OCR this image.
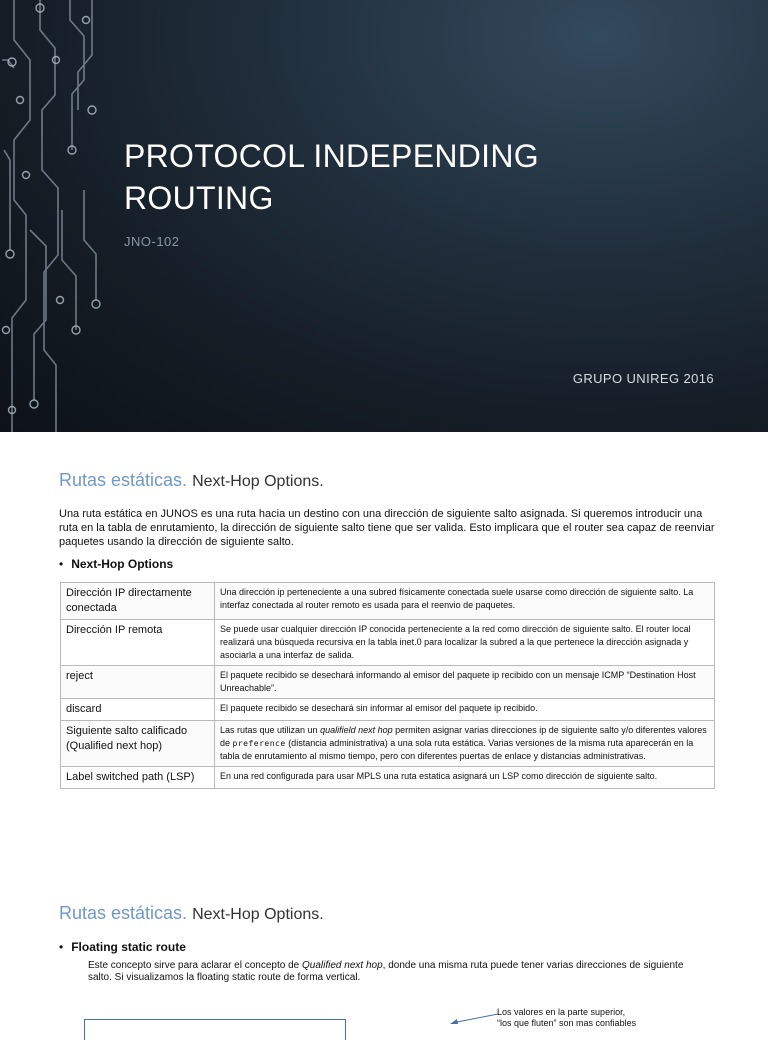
PROTOCOL INDEPENDING
ROUTING
JNO-102
GRUPO UNIREG 2016
Rutas estáticas. Next-Hop Options.
Una ruta estática en JUNOS es una ruta hacia un destino con una dirección de siguiente salto asignada. Si queremos introducir una ruta en la tabla de enrutamiento, la dirección de siguiente salto tiene que ser valida. Esto implicara que el router sea capaz de reenviar paquetes usando la dirección de siguiente salto.
• Next-Hop Options
Dirección IP directamente conectada	Una dirección ip perteneciente a una subred físicamente conectada suele usarse como dirección de siguiente salto. La interfaz conectada al router remoto es usada para el reenvio de paquetes.
Dirección IP remota	Se puede usar cualquier dirección IP conocida perteneciente a la red como dirección de siguiente salto. El router local realizará una búsqueda recursiva en la tabla inet.0 para localizar la subred a la que pertenece la dirección asignada y asociarla a una interfaz de salida.
reject	El paquete recibido se desechará informando al emisor del paquete ip recibido con un mensaje ICMP “Destination Host Unreachable”.
discard	El paquete recibido se desechará sin informar al emisor del paquete ip recibido.
Siguiente salto calificado (Qualified next hop)	Las rutas que utilizan un qualifield next hop permiten asignar varias direcciones ip de siguiente salto y/o diferentes valores de preference (distancia administrativa) a una sola ruta estática. Varias versiones de la misma ruta aparecerán en la tabla de enrutamiento al mismo tiempo, pero con diferentes puertas de enlace y distancias administrativas.
Label switched path (LSP)	En una red configurada para usar MPLS una ruta estatica asignará un LSP como dirección de siguiente salto.
Rutas estáticas. Next-Hop Options.
• Floating static route
Este concepto sirve para aclarar el concepto de Qualified next hop, donde una misma ruta puede tener varias direcciones de siguiente salto. Si visualizamos la floating static route de forma vertical.
Los valores en la parte superior,
“los que fluten” son mas confiables
